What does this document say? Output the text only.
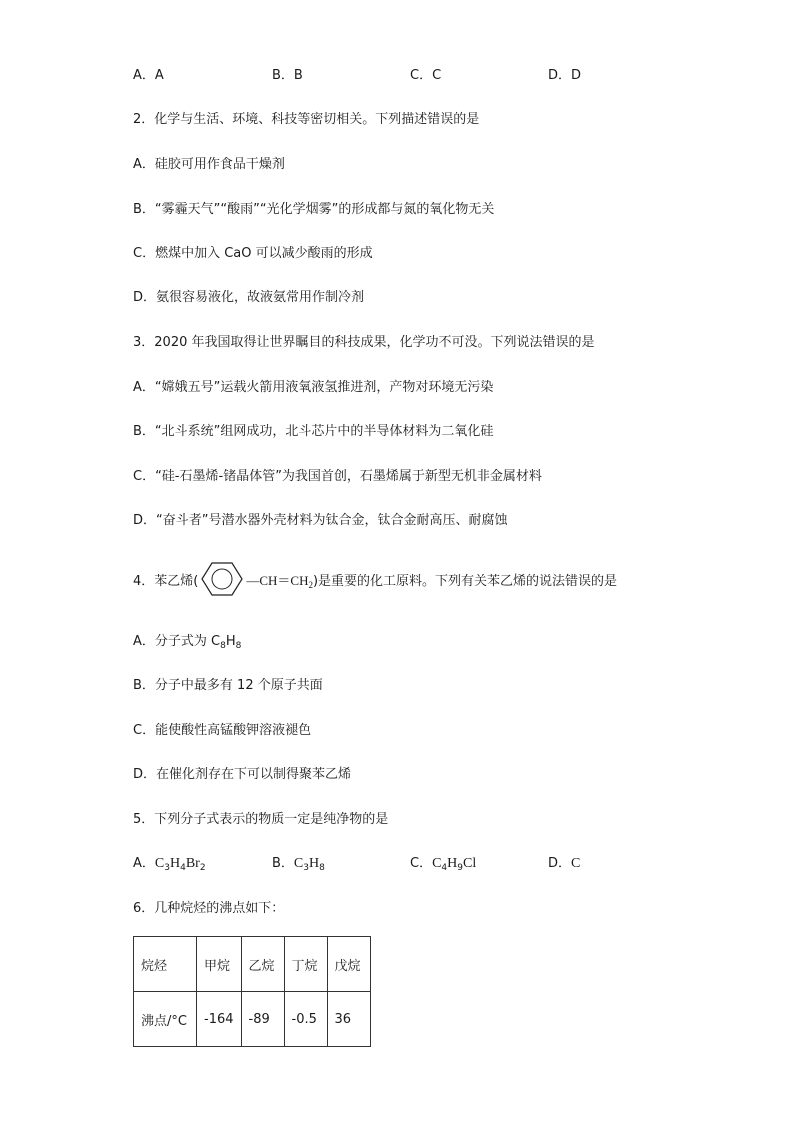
A．A	B．B	C．C	D．D
2．化学与生活、环境、科技等密切相关。下列描述错误的是
A．硅胶可用作食品干燥剂
B．“雾霾天气”“酸雨”“光化学烟雾”的形成都与氮的氧化物无关
C．燃煤中加入 CaO 可以减少酸雨的形成
D．氨很容易液化，故液氨常用作制冷剂
3．2020 年我国取得让世界瞩目的科技成果，化学功不可没。下列说法错误的是
A．“嫦娥五号”运载火箭用液氧液氢推进剂，产物对环境无污染
B．“北斗系统”组网成功，北斗芯片中的半导体材料为二氧化硅
C．“硅-石墨烯-锗晶体管”为我国首创，石墨烯属于新型无机非金属材料
D．“奋斗者”号潜水器外壳材料为钛合金，钛合金耐高压、耐腐蚀
4．苯乙烯(	$—CH=CH_2$ )是重要的化工原料。下列有关苯乙烯的说法错误的是
A．分子式为 $C_8H_8$
B．分子中最多有 12 个原子共面
C．能使酸性高锰酸钾溶液褪色
D．在催化剂存在下可以制得聚苯乙烯
5．下列分子式表示的物质一定是纯净物的是
A．$C_3H_4Br_2$	B．$C_3H_8$	C．$C_4H_9Cl$	D．C
6．几种烷烃的沸点如下：
烷烃	甲烷	乙烷	丁烷	戊烷
沸点/°C	-164	-89	-0.5	36
